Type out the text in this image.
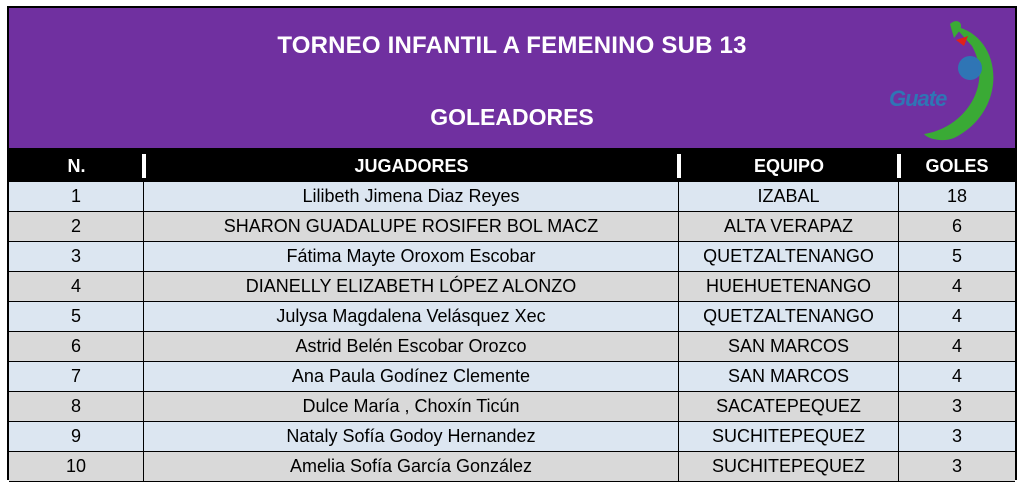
TORNEO INFANTIL A FEMENINO SUB 13
GOLEADORES
Guate
N.	JUGADORES	EQUIPO	GOLES
1	Lilibeth Jimena Diaz Reyes	IZABAL	18
2	SHARON GUADALUPE ROSIFER BOL MACZ	ALTA VERAPAZ	6
3	Fátima Mayte Oroxom Escobar	QUETZALTENANGO	5
4	DIANELLY ELIZABETH LÓPEZ ALONZO	HUEHUETENANGO	4
5	Julysa Magdalena Velásquez Xec	QUETZALTENANGO	4
6	Astrid Belén Escobar Orozco	SAN MARCOS	4
7	Ana Paula Godínez Clemente	SAN MARCOS	4
8	Dulce María , Choxín Ticún	SACATEPEQUEZ	3
9	Nataly Sofía Godoy Hernandez	SUCHITEPEQUEZ	3
10	Amelia Sofía García González	SUCHITEPEQUEZ	3
